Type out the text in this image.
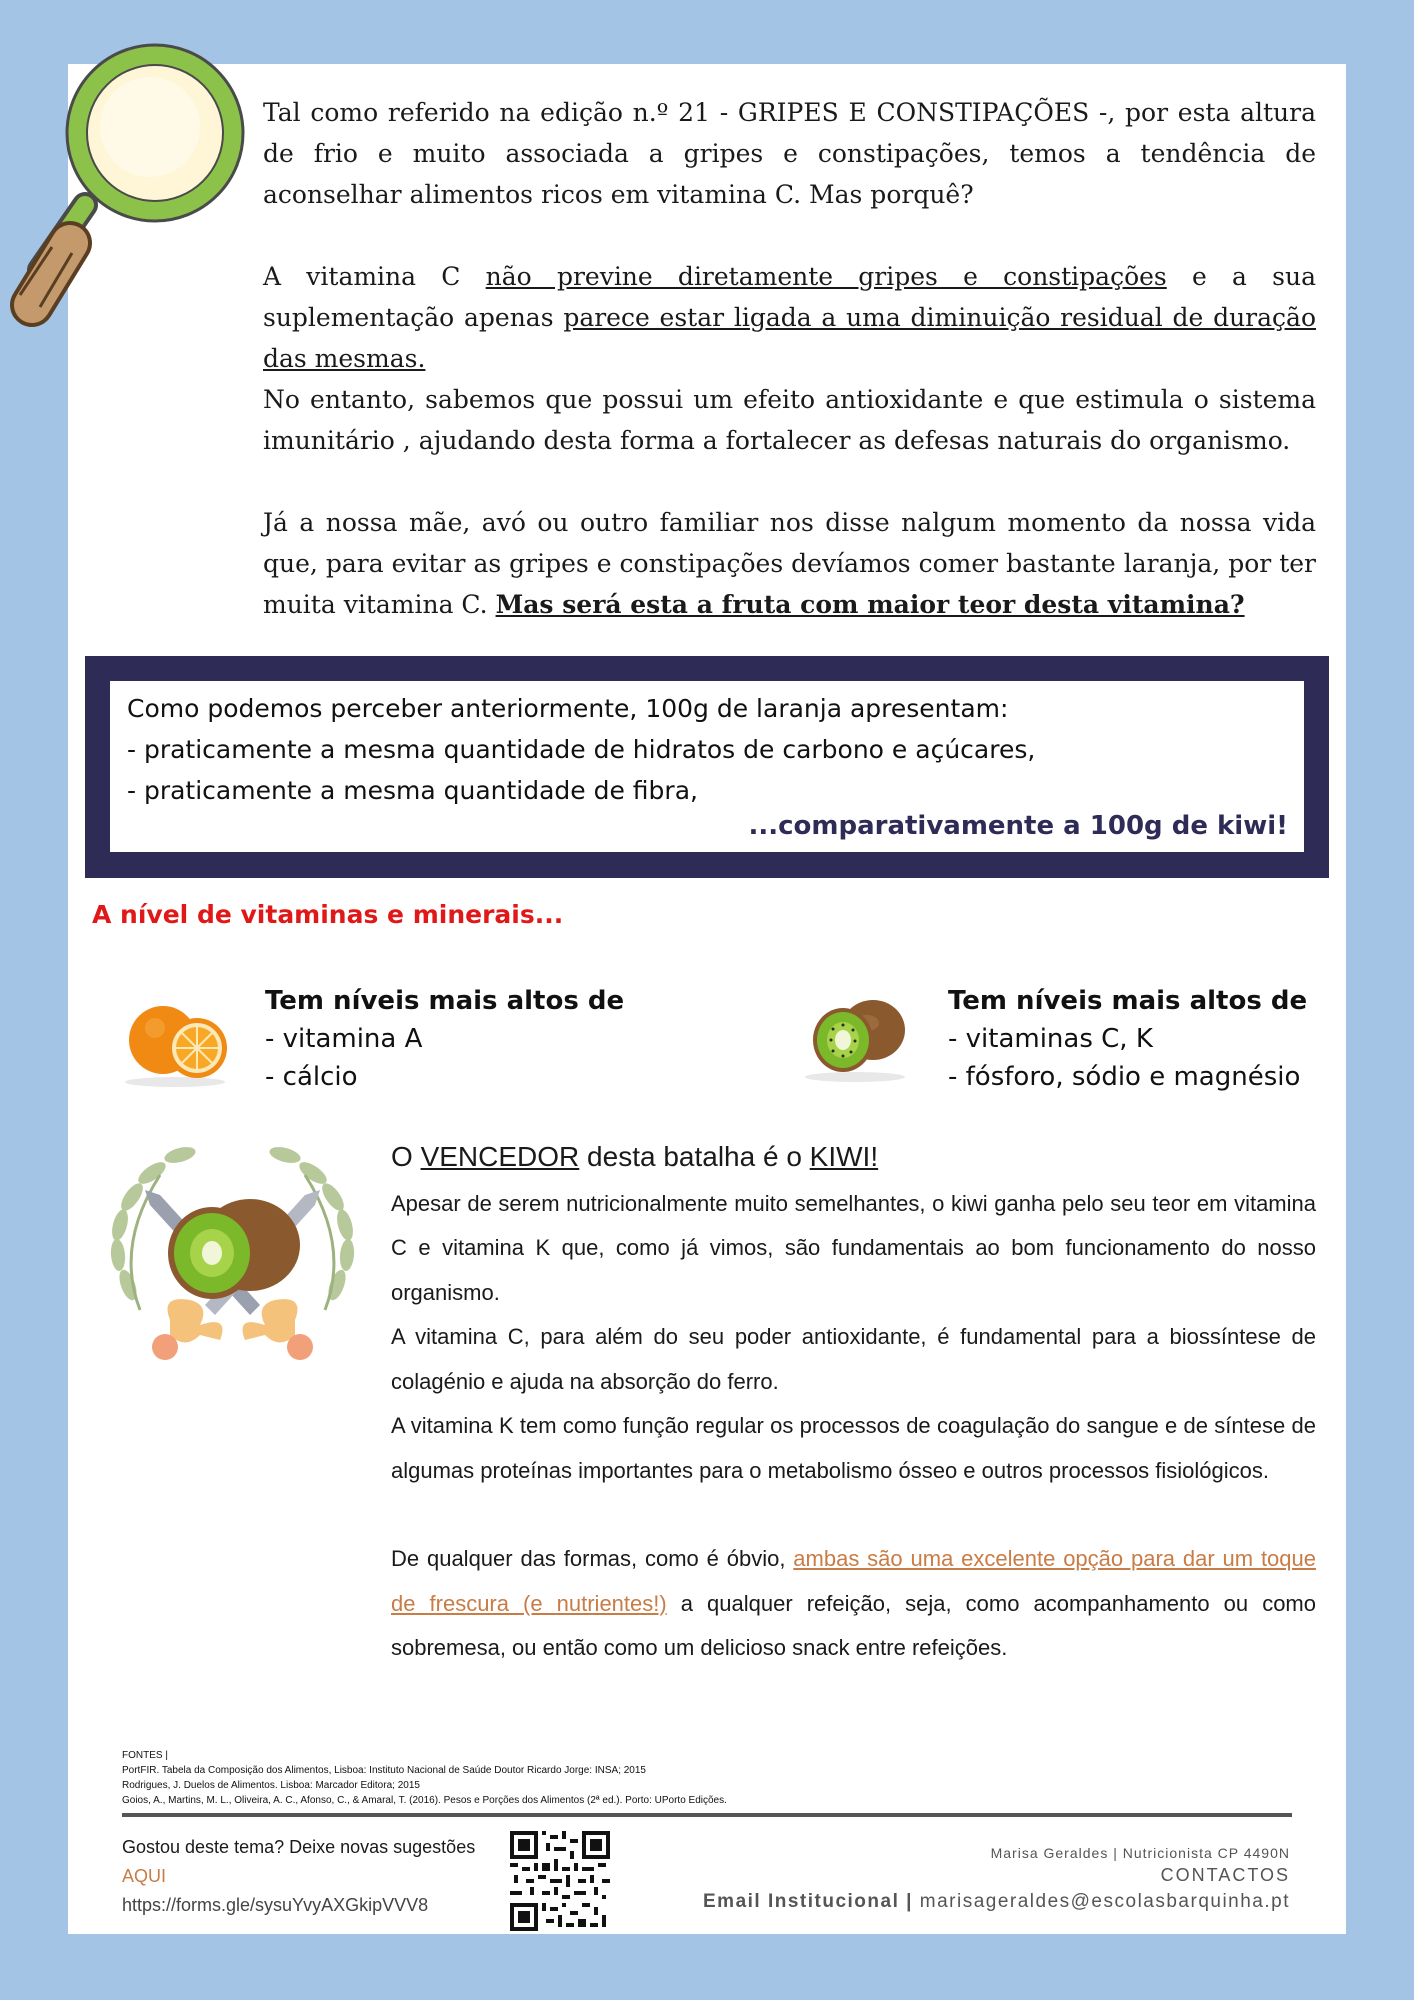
Tal como referido na edição n.º 21 - GRIPES E CONSTIPAÇÕES -, por esta altura de frio e muito associada a gripes e constipações, temos a tendência de aconselhar alimentos ricos em vitamina C. Mas porquê?

A vitamina C não previne diretamente gripes e constipações e a sua suplementação apenas parece estar ligada a uma diminuição residual de duração das mesmas.
No entanto, sabemos que possui um efeito antioxidante e que estimula o sistema imunitário , ajudando desta forma a fortalecer as defesas naturais do organismo.

Já a nossa mãe, avó ou outro familiar nos disse nalgum momento da nossa vida que, para evitar as gripes e constipações devíamos comer bastante laranja, por ter muita vitamina C. Mas será esta a fruta com maior teor desta vitamina?

Como podemos perceber anteriormente, 100g de laranja apresentam:
- praticamente a mesma quantidade de hidratos de carbono e açúcares,
- praticamente a mesma quantidade de fibra,
...comparativamente a 100g de kiwi!
A nível de vitaminas e minerais...
Tem níveis mais altos de
- vitamina A
- cálcio
Tem níveis mais altos de
- vitaminas C, K
- fósforo, sódio e magnésio
O VENCEDOR desta batalha é o KIWI!

Apesar de serem nutricionalmente muito semelhantes, o kiwi ganha pelo seu teor em vitamina C e vitamina K que, como já vimos, são fundamentais ao bom funcionamento do nosso organismo.

A vitamina C, para além do seu poder antioxidante, é fundamental para a biossíntese de colagénio e ajuda na absorção do ferro.

A vitamina K tem como função regular os processos de coagulação do sangue e de síntese de algumas proteínas importantes para o metabolismo ósseo e outros processos fisiológicos.

De qualquer das formas, como é óbvio, ambas são uma excelente opção para dar um toque de frescura (e nutrientes!) a qualquer refeição, seja, como acompanhamento ou como sobremesa, ou então como um delicioso snack entre refeições.

FONTES |
PortFIR. Tabela da Composição dos Alimentos, Lisboa: Instituto Nacional de Saúde Doutor Ricardo Jorge: INSA; 2015
Rodrigues, J. Duelos de Alimentos. Lisboa: Marcador Editora; 2015
Goios, A., Martins, M. L., Oliveira, A. C., Afonso, C., & Amaral, T. (2016). Pesos e Porções dos Alimentos (2ª ed.). Porto: UPorto Edições.
Gostou deste tema? Deixe novas sugestões
AQUI
https://forms.gle/sysuYvyAXGkipVVV8
Marisa Geraldes | Nutricionista CP 4490N
CONTACTOS
Email Institucional | marisageraldes@escolasbarquinha.pt
